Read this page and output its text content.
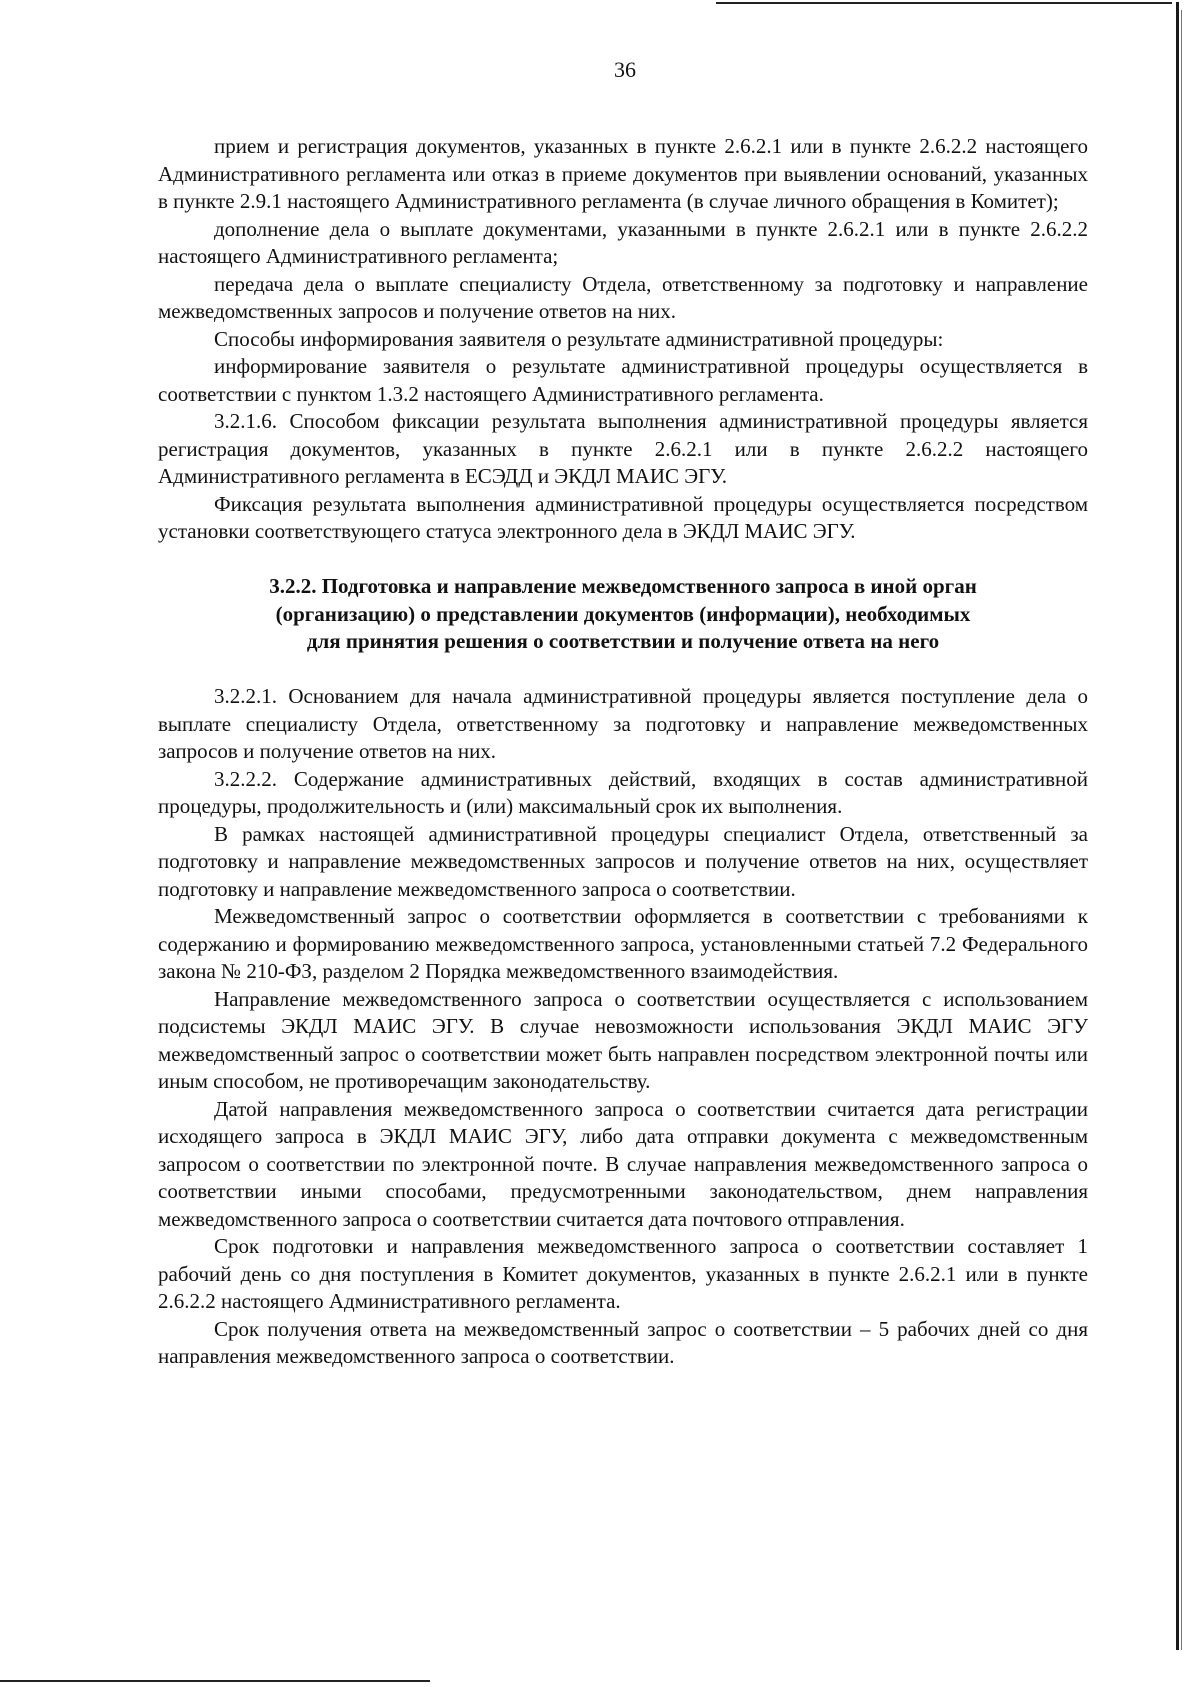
36

прием и регистрация документов, указанных в пункте 2.6.2.1 или в пункте 2.6.2.2 настоящего Административного регламента или отказ в приеме документов при выявлении оснований, указанных в пункте 2.9.1 настоящего Административного регламента (в случае личного обращения в Комитет);

дополнение дела о выплате документами, указанными в пункте 2.6.2.1 или в пункте 2.6.2.2 настоящего Административного регламента;

передача дела о выплате специалисту Отдела, ответственному за подготовку и направление межведомственных запросов и получение ответов на них.

Способы информирования заявителя о результате административной процедуры:

информирование заявителя о результате административной процедуры осуществляется в соответствии с пунктом 1.3.2 настоящего Административного регламента.

3.2.1.6. Способом фиксации результата выполнения административной процедуры является регистрация документов, указанных в пункте 2.6.2.1 или в пункте 2.6.2.2 настоящего Административного регламента в ЕСЭДД и ЭКДЛ МАИС ЭГУ.

Фиксация результата выполнения административной процедуры осуществляется посредством установки соответствующего статуса электронного дела в ЭКДЛ МАИС ЭГУ.

3.2.2. Подготовка и направление межведомственного запроса в иной орган
(организацию) о представлении документов (информации), необходимых
для принятия решения о соответствии и получение ответа на него

3.2.2.1. Основанием для начала административной процедуры является поступление дела о выплате специалисту Отдела, ответственному за подготовку и направление межведомственных запросов и получение ответов на них.

3.2.2.2. Содержание административных действий, входящих в состав административной процедуры, продолжительность и (или) максимальный срок их выполнения.

В рамках настоящей административной процедуры специалист Отдела, ответственный за подготовку и направление межведомственных запросов и получение ответов на них, осуществляет подготовку и направление межведомственного запроса о соответствии.

Межведомственный запрос о соответствии оформляется в соответствии с требованиями к содержанию и формированию межведомственного запроса, установленными статьей 7.2 Федерального закона № 210-ФЗ, разделом 2 Порядка межведомственного взаимодействия.

Направление межведомственного запроса о соответствии осуществляется с использованием подсистемы ЭКДЛ МАИС ЭГУ. В случае невозможности использования ЭКДЛ МАИС ЭГУ межведомственный запрос о соответствии может быть направлен посредством электронной почты или иным способом, не противоречащим законодательству.

Датой направления межведомственного запроса о соответствии считается дата регистрации исходящего запроса в ЭКДЛ МАИС ЭГУ, либо дата отправки документа с межведомственным запросом о соответствии по электронной почте. В случае направления межведомственного запроса о соответствии иными способами, предусмотренными законодательством, днем направления межведомственного запроса о соответствии считается дата почтового отправления.

Срок подготовки и направления межведомственного запроса о соответствии составляет 1 рабочий день со дня поступления в Комитет документов, указанных в пункте 2.6.2.1 или в пункте 2.6.2.2 настоящего Административного регламента.

Срок получения ответа на межведомственный запрос о соответствии – 5 рабочих дней со дня направления межведомственного запроса о соответствии.
